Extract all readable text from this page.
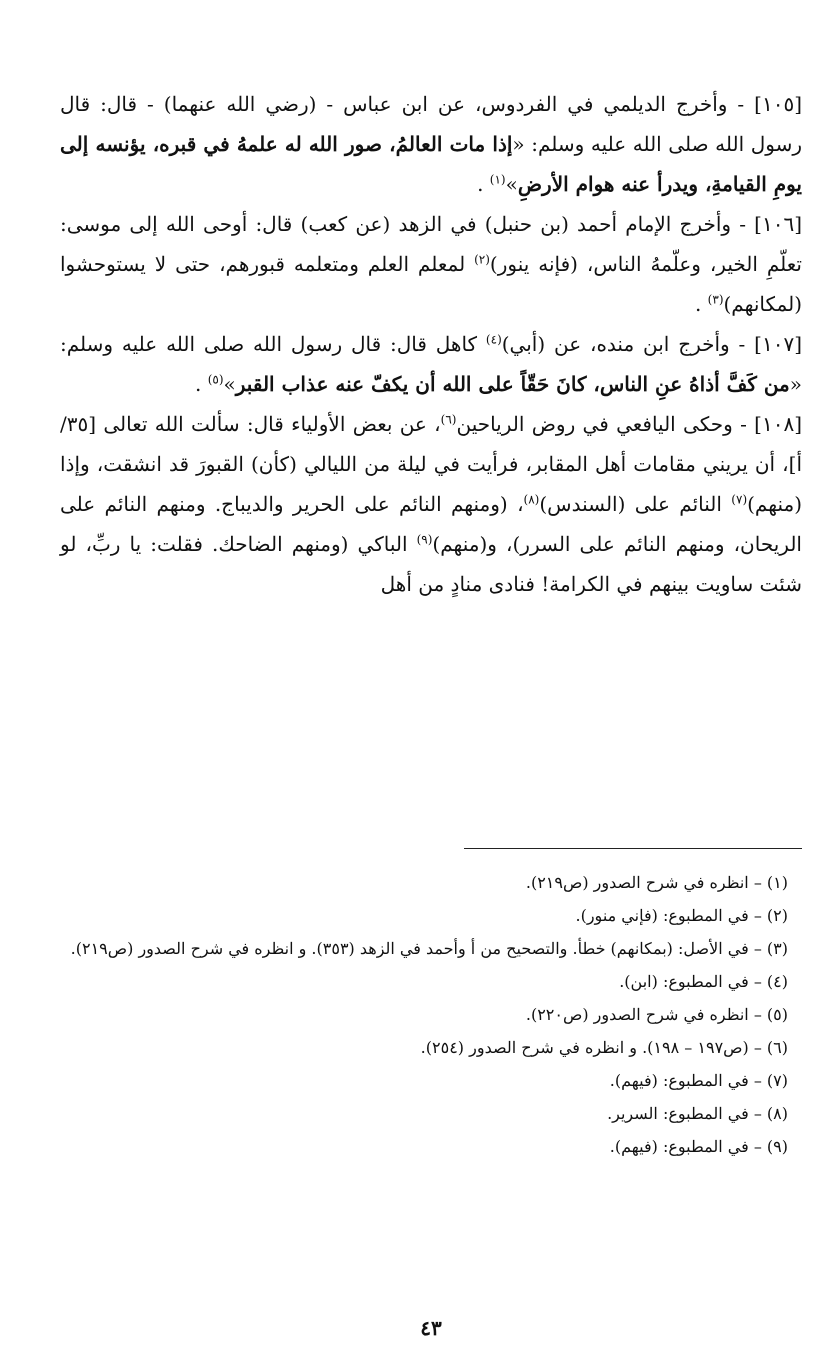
[١٠٥] - وأخرج الديلمي في الفردوس، عن ابن عباس - (رضي الله عنهما) - قال: قال رسول الله صلى الله عليه وسلم: «إذا مات العالمُ، صور الله له علمهُ في قبره، يؤنسه إلى يومِ القيامةِ، ويدرأ عنه هوام الأرضِ»$^{(١)}$ .

[١٠٦] - وأخرج الإمام أحمد (بن حنبل) في الزهد (عن كعب) قال: أوحى الله إلى موسى: تعلّمِ الخير، وعلّمهُ الناس، (فإنه ينور)$^{(٢)}$ لمعلم العلم ومتعلمه قبورهم، حتى لا يستوحشوا (لمكانهم)$^{(٣)}$ .

[١٠٧] - وأخرج ابن منده، عن (أبي)$^{(٤)}$ كاهل قال: قال رسول الله صلى الله عليه وسلم: «من كَفَّ أذاهُ عنِ الناس، كانَ حَقّاً على الله أن يكفّ عنه عذاب القبر»$^{(٥)}$ .

[١٠٨] - وحكى اليافعي في روض الرياحين$^{(٦)}$، عن بعض الأولياء قال: سألت الله تعالى [٣٥/أ]، أن يريني مقامات أهل المقابر، فرأيت في ليلة من الليالي (كأن) القبورَ قد انشقت، وإذا (منهم)$^{(٧)}$ النائم على (السندس)$^{(٨)}$، (ومنهم النائم على الحرير والديباج. ومنهم النائم على الريحان، ومنهم النائم على السرر)، و(منهم)$^{(٩)}$ الباكي (ومنهم الضاحك. فقلت: يا ربِّ، لو شئت ساويت بينهم في الكرامة! فنادى منادٍ من أهل

(١) – انظره في شرح الصدور (ص٢١٩).

(٢) – في المطبوع: (فإني منور).

(٣) – في الأصل: (بمكانهم) خطأ. والتصحيح من أ وأحمد في الزهد (٣٥٣). و انظره في شرح الصدور (ص٢١٩).

(٤) – في المطبوع: (ابن).

(٥) – انظره في شرح الصدور (ص٢٢٠).

(٦) – (ص١٩٧ – ١٩٨). و انظره في شرح الصدور (٢٥٤).

(٧) – في المطبوع: (فيهم).

(٨) – في المطبوع: السرير.

(٩) – في المطبوع: (فيهم).

٤٣
